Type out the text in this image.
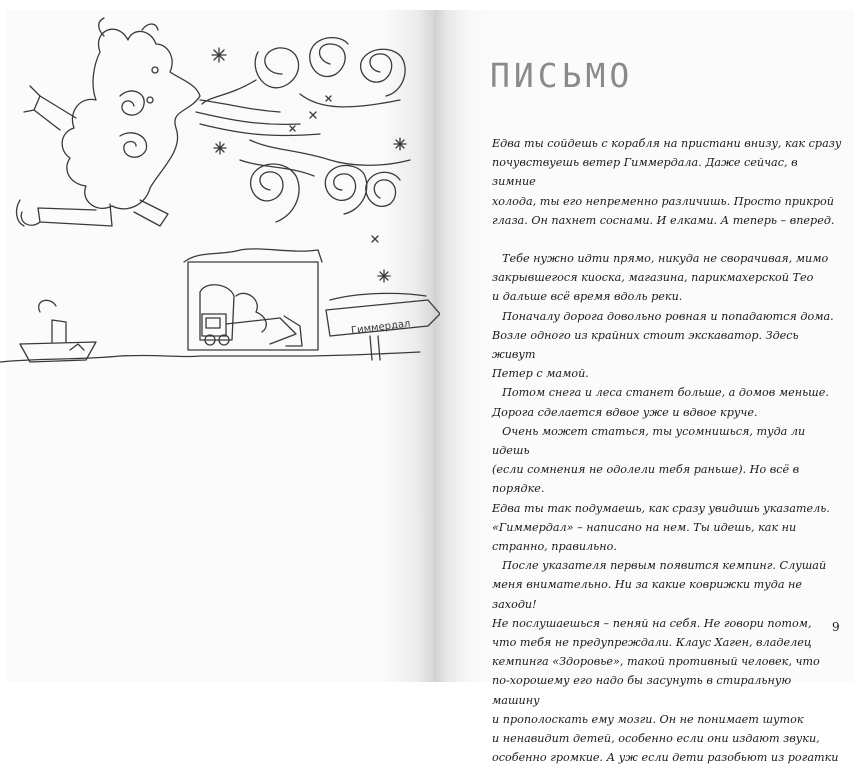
Гиммердал
ПИСЬМО

Едва ты сойдешь с корабля на пристани внизу, как сразу

почувствуешь ветер Гиммердала. Даже сейчас, в зимние

холода, ты его непременно различишь. Просто прикрой

глаза. Он пахнет соснами. И елками. А теперь – вперед.

Тебе нужно идти прямо, никуда не сворачивая, мимо

закрывшегося киоска, магазина, парикмахерской Тео

и дальше всё время вдоль реки.

Поначалу дорога довольно ровная и попадаются дома.

Возле одного из крайних стоит экскаватор. Здесь живут

Петер с мамой.

Потом снега и леса станет больше, а домов меньше.

Дорога сделается вдвое уже и вдвое круче.

Очень может статься, ты усомнишься, туда ли идешь

(если сомнения не одолели тебя раньше). Но всё в порядке.

Едва ты так подумаешь, как сразу увидишь указатель.

«Гиммердал» – написано на нем. Ты идешь, как ни

странно, правильно.

После указателя первым появится кемпинг. Слушай

меня внимательно. Ни за какие коврижки туда не заходи!

Не послушаешься – пеняй на себя. Не говори потом,

что тебя не предупреждали. Клаус Хаген, владелец

кемпинга «Здоровье», такой противный человек, что

по-хорошему его надо бы засунуть в стиральную машину

и прополоскать ему мозги. Он не понимает шуток

и ненавидит детей, особенно если они издают звуки,

особенно громкие. А уж если дети разобьют из рогатки

9
